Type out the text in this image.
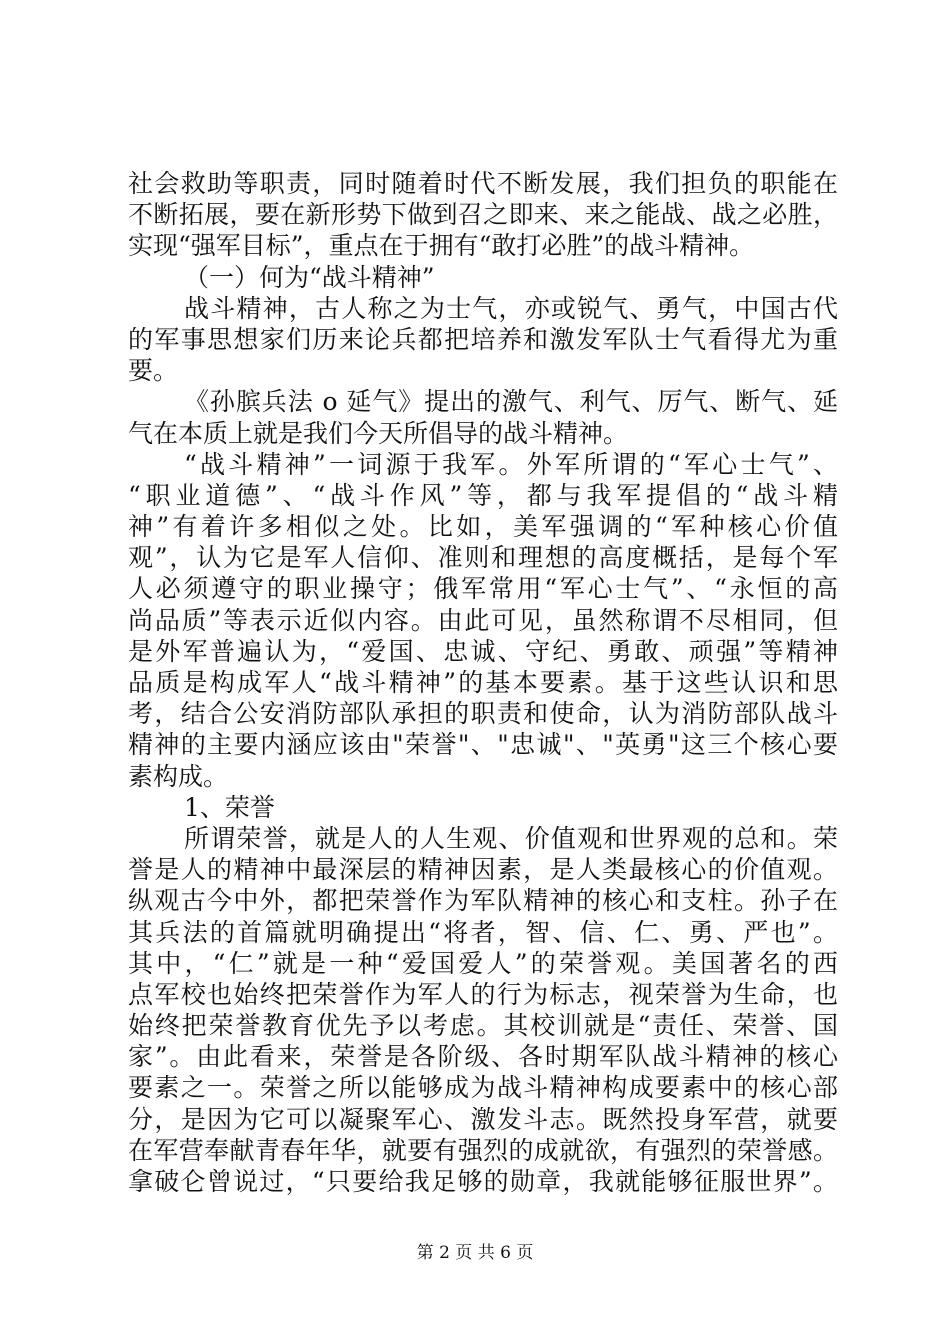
社会救助等职责，同时随着时代不断发展，我们担负的职能在
不断拓展，要在新形势下做到召之即来、来之能战、战之必胜，
实现“强军目标”，重点在于拥有“敢打必胜”的战斗精神。
（一）何为“战斗精神”
战斗精神，古人称之为士气，亦或锐气、勇气，中国古代
的军事思想家们历来论兵都把培养和激发军队士气看得尤为重
要。
《孙膑兵法 o 延气》提出的激气、利气、厉气、断气、延
气在本质上就是我们今天所倡导的战斗精神。
“战斗精神”一词源于我军。外军所谓的“军心士气”、
“职业道德”、“战斗作风”等，都与我军提倡的“战斗精
神”有着许多相似之处。比如，美军强调的“军种核心价值
观”，认为它是军人信仰、准则和理想的高度概括，是每个军
人必须遵守的职业操守；俄军常用“军心士气”、“永恒的高
尚品质”等表示近似内容。由此可见，虽然称谓不尽相同，但
是外军普遍认为，“爱国、忠诚、守纪、勇敢、顽强”等精神
品质是构成军人“战斗精神”的基本要素。基于这些认识和思
考，结合公安消防部队承担的职责和使命，认为消防部队战斗
精神的主要内涵应该由"荣誉"、"忠诚"、"英勇"这三个核心要
素构成。
1、荣誉
所谓荣誉，就是人的人生观、价值观和世界观的总和。荣
誉是人的精神中最深层的精神因素，是人类最核心的价值观。
纵观古今中外，都把荣誉作为军队精神的核心和支柱。孙子在
其兵法的首篇就明确提出“将者，智、信、仁、勇、严也”。
其中，“仁”就是一种“爱国爱人”的荣誉观。美国著名的西
点军校也始终把荣誉作为军人的行为标志，视荣誉为生命，也
始终把荣誉教育优先予以考虑。其校训就是“责任、荣誉、国
家”。由此看来，荣誉是各阶级、各时期军队战斗精神的核心
要素之一。荣誉之所以能够成为战斗精神构成要素中的核心部
分，是因为它可以凝聚军心、激发斗志。既然投身军营，就要
在军营奉献青春年华，就要有强烈的成就欲，有强烈的荣誉感。
拿破仑曾说过，“只要给我足够的勋章，我就能够征服世界”。
第 2 页 共 6 页
